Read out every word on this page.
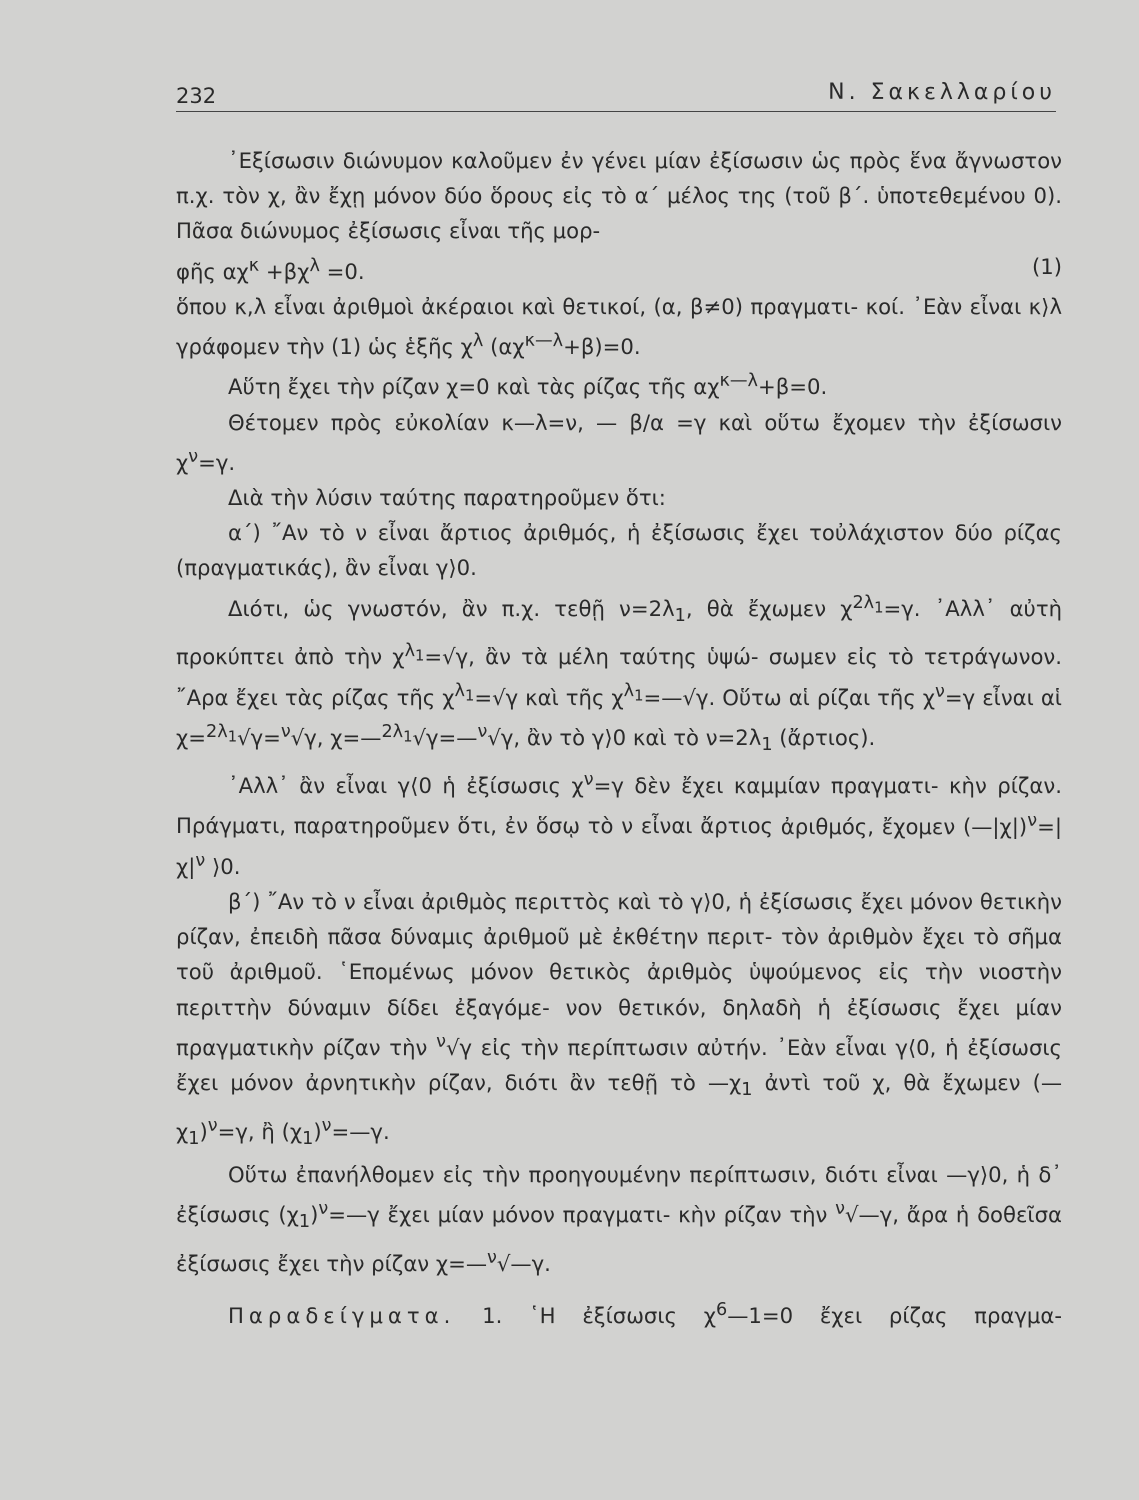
232	Ν. Σακελλαρίου

᾿Εξίσωσιν διώνυμον καλοῦμεν ἐν γένει μίαν ἐξίσωσιν ὡς πρὸς ἕνα ἄγνωστον π.χ. τὸν χ, ἂν ἔχῃ μόνον δύο ὅρους εἰς τὸ α΄ μέλος της (τοῦ β΄. ὑποτεθεμένου 0). Πᾶσα διώνυμος ἐξίσωσις εἶναι τῆς μορ-

φῆς $\alpha\chi^\kappa +\beta\chi^\lambda =0$.	(1)

ὅπου κ,λ εἶναι ἀριθμοὶ ἀκέραιοι καὶ θετικοί, (α, β≠0) πραγματι- κοί. ᾿Εὰν εἶναι κ⟩λ γράφομεν τὴν (1) ὡς ἑξῆς $\chi^\lambda$ $(\alpha\chi^{\kappa—\lambda}+\beta)=0$.

Αὕτη ἔχει τὴν ρίζαν χ=0 καὶ τὰς ρίζας τῆς $\alpha\chi^{\kappa—\lambda}+\beta=0$.

Θέτομεν πρὸς εὐκολίαν κ—λ=ν, — β/α =γ καὶ οὕτω ἔχομεν τὴν ἐξίσωσιν $\chi^\nu=\gamma$.

Διὰ τὴν λύσιν ταύτης παρατηροῦμεν ὅτι:

α΄) ῎Αν τὸ ν εἶναι ἄρτιος ἀριθμός, ἡ ἐξίσωσις ἔχει τοὐλάχιστον δύο ρίζας (πραγματικάς), ἂν εἶναι γ⟩0.

Διότι, ὡς γνωστόν, ἂν π.χ. τεθῇ $\nu=2\lambda_1$, θὰ ἔχωμεν $\chi^{2\lambda_1}=\gamma$. ᾿Αλλ᾿ αὐτὴ προκύπτει ἀπὸ τὴν $\chi^{\lambda_1}=√\gamma$, ἂν τὰ μέλη ταύτης ὑψώ- σωμεν εἰς τὸ τετράγωνον. ῎Αρα ἔχει τὰς ρίζας τῆς $\chi^{\lambda_1}=√\gamma$ καὶ τῆς $\chi^{\lambda_1}=—√\gamma$. Οὕτω αἱ ρίζαι τῆς $\chi^\nu=\gamma$ εἶναι αἱ χ=$^{2\lambda_1}$√γ=$^\nu$√γ, χ=—$^{2\lambda_1}$√γ=—$^\nu$√γ, ἂν τὸ γ⟩0 καὶ τὸ $\nu=2\lambda_1$ (ἄρτιος).

᾿Αλλ᾿ ἂν εἶναι γ⟨0 ἡ ἐξίσωσις $\chi^\nu=\gamma$ δὲν ἔχει καμμίαν πραγματι- κὴν ρίζαν. Πράγματι, παρατηροῦμεν ὅτι, ἐν ὅσῳ τὸ ν εἶναι ἄρτιος ἀριθμός, ἔχομεν $(—|\chi|)^\nu=|\chi|^\nu$ ⟩0.

β΄) ῎Αν τὸ ν εἶναι ἀριθμὸς περιττὸς καὶ τὸ γ⟩0, ἡ ἐξίσωσις ἔχει μόνον θετικὴν ρίζαν, ἐπειδὴ πᾶσα δύναμις ἀριθμοῦ μὲ ἐκθέτην περιτ- τὸν ἀριθμὸν ἔχει τὸ σῆμα τοῦ ἀριθμοῦ. ῾Επομένως μόνον θετικὸς ἀριθμὸς ὑψούμενος εἰς τὴν νιοστὴν περιττὴν δύναμιν δίδει ἐξαγόμε- νον θετικόν, δηλαδὴ ἡ ἐξίσωσις ἔχει μίαν πραγματικὴν ρίζαν τὴν $^\nu$√γ εἰς τὴν περίπτωσιν αὐτήν. ᾿Εὰν εἶναι γ⟨0, ἡ ἐξίσωσις ἔχει μόνον ἀρνητικὴν ρίζαν, διότι ἂν τεθῇ τὸ $—\chi_1$ ἀντὶ τοῦ χ, θὰ ἔχωμεν $(—\chi_1)^\nu=\gamma$, ἢ $(\chi_1)^\nu=—\gamma$.

Οὕτω ἐπανήλθομεν εἰς τὴν προηγουμένην περίπτωσιν, διότι εἶναι —γ⟩0, ἡ δ᾿ ἐξίσωσις $(\chi_1)^\nu=—\gamma$ ἔχει μίαν μόνον πραγματι- κὴν ρίζαν τὴν $^\nu$√—γ, ἄρα ἡ δοθεῖσα ἐξίσωσις ἔχει τὴν ρίζαν χ=—$^\nu$√—γ.

Παραδείγματα. 1. ῾Η ἐξίσωσις $\chi^6—1=0$ ἔχει ρίζας πραγμα-
